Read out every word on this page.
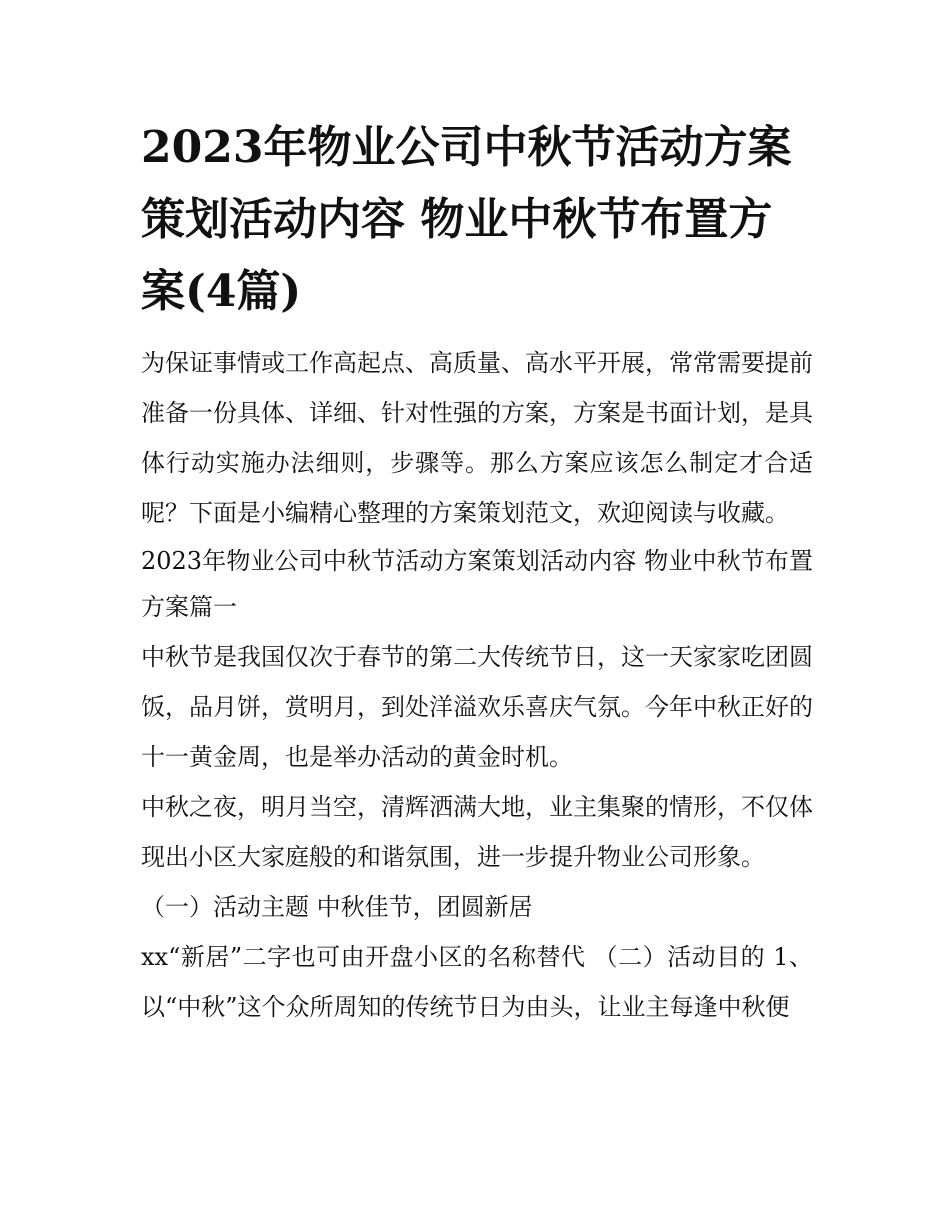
2023年物业公司中秋节活动方案策划活动内容 物业中秋节布置方案(4篇)

为保证事情或工作高起点、高质量、高水平开展，常常需要提前准备一份具体、详细、针对性强的方案，方案是书面计划，是具体行动实施办法细则，步骤等。那么方案应该怎么制定才合适呢？下面是小编精心整理的方案策划范文，欢迎阅读与收藏。

2023年物业公司中秋节活动方案策划活动内容 物业中秋节布置方案篇一

中秋节是我国仅次于春节的第二大传统节日，这一天家家吃团圆饭，品月饼，赏明月，到处洋溢欢乐喜庆气氛。今年中秋正好的十一黄金周，也是举办活动的黄金时机。

中秋之夜，明月当空，清辉洒满大地，业主集聚的情形，不仅体现出小区大家庭般的和谐氛围，进一步提升物业公司形象。

（一）活动主题 中秋佳节，团圆新居

xx“新居”二字也可由开盘小区的名称替代 （二）活动目的 1、以“中秋”这个众所周知的传统节日为由头，让业主每逢中秋便
